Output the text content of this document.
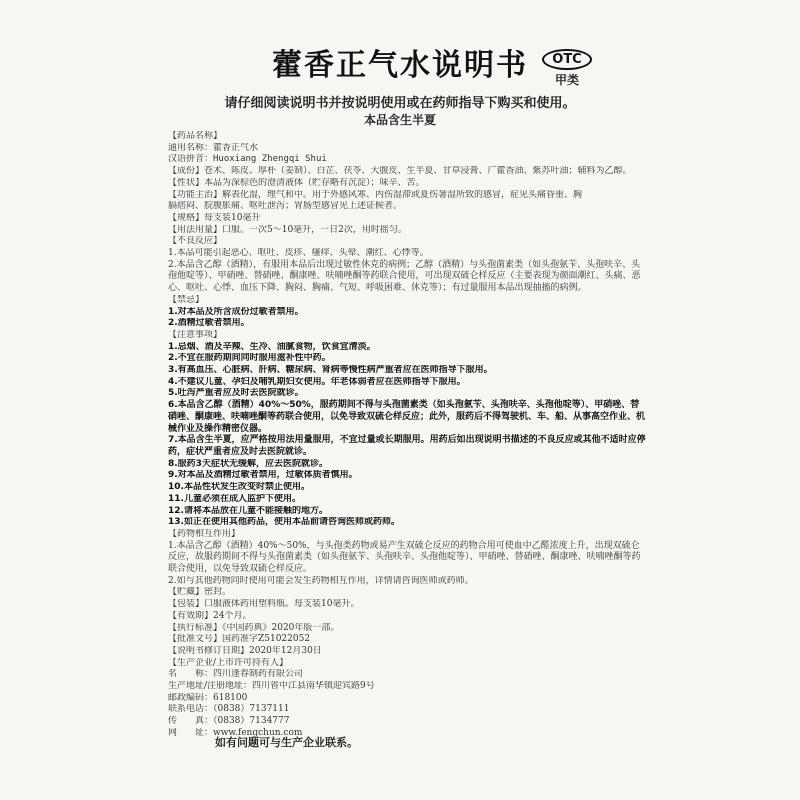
藿香正气水说明书	OTC
甲类
请仔细阅读说明书并按说明使用或在药师指导下购买和使用。
本品含生半夏
【药品名称】
通用名称：藿香正气水
汉语拼音：Huoxiang Zhengqi Shui
【成份】苍术、陈皮、厚朴（姜制）、白芷、茯苓、大腹皮、生半夏、甘草浸膏、广藿香油、紫苏叶油；辅料为乙醇。
【性状】本品为深棕色的澄清液体（贮存略有沉淀）；味辛、苦。
【功能主治】解表化湿，理气和中。用于外感风寒、内伤湿滞或夏伤暑湿所致的感冒，症见头痛昏重、胸
膈痞闷、脘腹胀痛、呕吐泄泻；胃肠型感冒见上述证候者。
【规格】每支装10毫升
【用法用量】口服。一次5～10毫升，一日2次，用时摇匀。
【不良反应】
1.本品可能引起恶心、呕吐、皮疹、瘙痒、头晕、潮红、心悸等。
2.本品含乙醇（酒精），有服用本品后出现过敏性休克的病例；乙醇（酒精）与头孢菌素类（如头孢氨苄、头孢呋辛、头孢他啶等）、甲硝唑、替硝唑、酮康唑、呋喃唑酮等药联合使用，可出现双硫仑样反应（主要表现为颜面潮红、头痛、恶心、呕吐、心悸、血压下降、胸闷、胸痛、气短、呼吸困难、休克等）；有过量服用本品出现抽搐的病例。
【禁忌】
1.对本品及所含成份过敏者禁用。
2.酒精过敏者禁用。
【注意事项】
1.忌烟、酒及辛辣、生冷、油腻食物，饮食宜清淡。
2.不宜在服药期间同时服用滋补性中药。
3.有高血压、心脏病、肝病、糖尿病、肾病等慢性病严重者应在医师指导下服用。
4.不建议儿童、孕妇及哺乳期妇女使用。年老体弱者应在医师指导下服用。
5.吐泻严重者应及时去医院就诊。
6.本品含乙醇（酒精）40%～50%，服药期间不得与头孢菌素类（如头孢氨苄、头孢呋辛、头孢他啶等）、甲硝唑、替硝唑、酮康唑、呋喃唑酮等药联合使用，以免导致双硫仑样反应；此外，服药后不得驾驶机、车、船、从事高空作业、机械作业及操作精密仪器。
7.本品含生半夏，应严格按用法用量服用，不宜过量或长期服用。用药后如出现说明书描述的不良反应或其他不适时应停药，症状严重者应及时去医院就诊。
8.服药3天症状无缓解，应去医院就诊。
9.对本品及酒精过敏者禁用，过敏体质者慎用。
10.本品性状发生改变时禁止使用。
11.儿童必须在成人监护下使用。
12.请将本品放在儿童不能接触的地方。
13.如正在使用其他药品，使用本品前请咨询医师或药师。
【药物相互作用】
1.本品含乙醇（酒精）40%～50%，与头孢类药物或易产生双硫仑反应的药物合用可使血中乙醛浓度上升，出现双硫仑反应，故服药期间不得与头孢菌素类（如头孢氨苄、头孢呋辛、头孢他啶等）、甲硝唑、替硝唑、酮康唑、呋喃唑酮等药联合使用，以免导致双硫仑样反应。
2.如与其他药物同时使用可能会发生药物相互作用，详情请咨询医师或药师。
【贮藏】密封。
【包装】口服液体药用塑料瓶。每支装10毫升。
【有效期】24个月。
【执行标准】《中国药典》2020年版一部。
【批准文号】国药准字Z51022052
【说明书修订日期】2020年12月30日
【生产企业/上市许可持有人】
名　　称：四川逢春制药有限公司
生产地址/注册地址：四川省中江县南华镇迎宾路9号
邮政编码：618100
联系电话：（0838）7137111
传　　真：（0838）7134777
网　　址：www.fengchun.com
如有问题可与生产企业联系。
